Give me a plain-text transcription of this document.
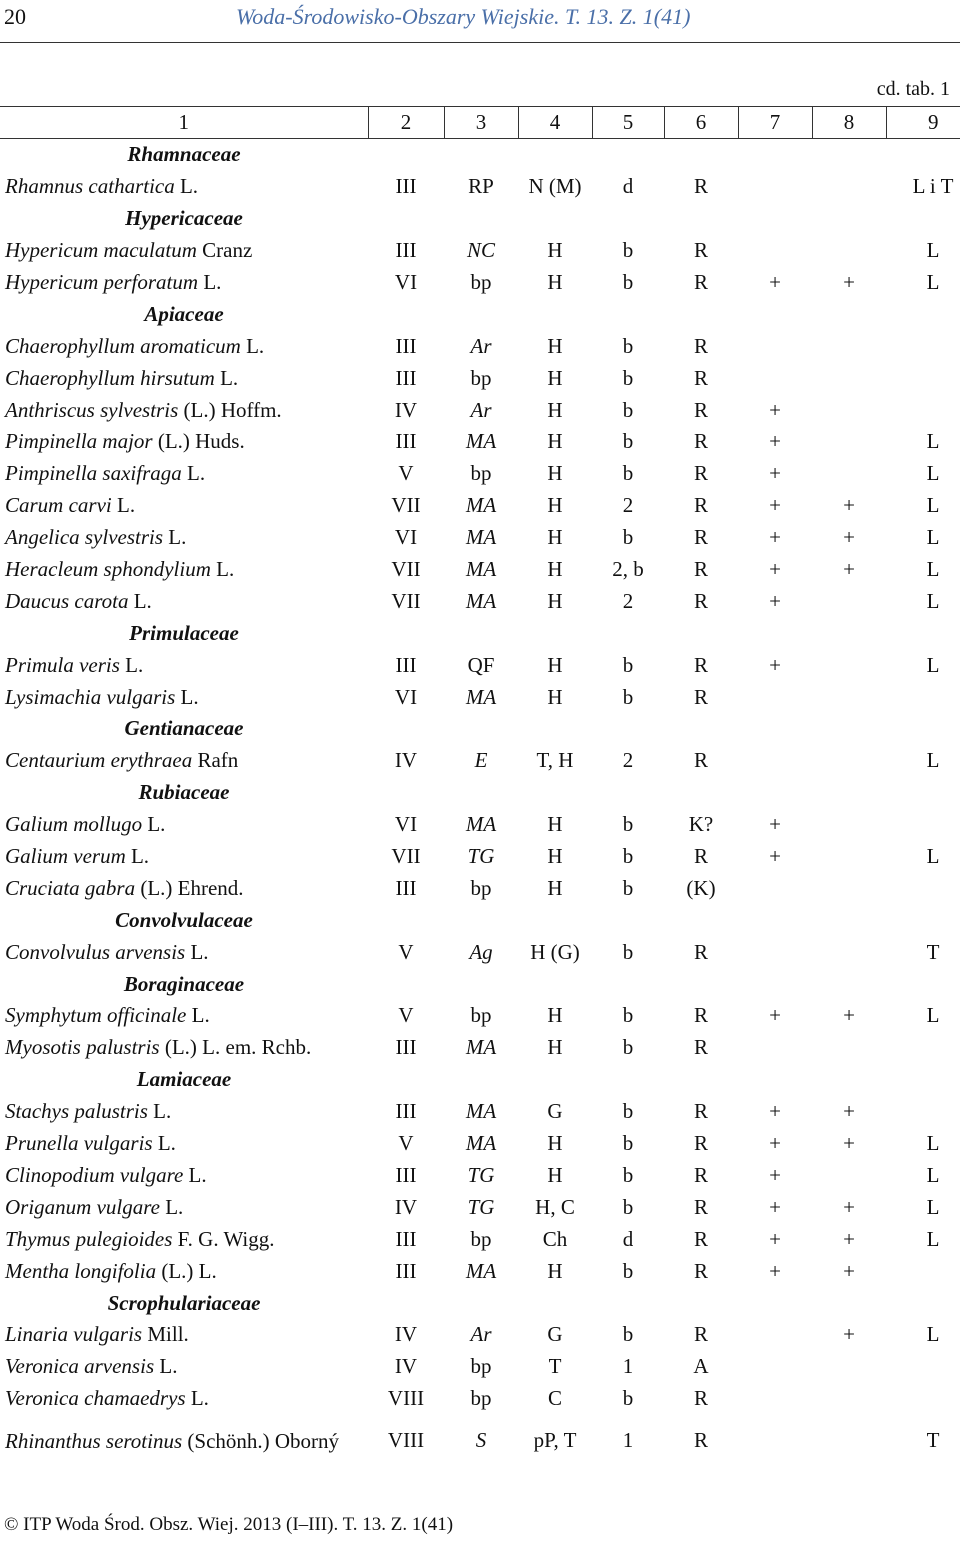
20	Woda-Środowisko-Obszary Wiejskie. T. 13. Z. 1(41)
cd. tab. 1
1	2	3	4	5	6	7	8	9
Rhamnaceae								
Rhamnus cathartica L.	III	RP	N (M)	d	R			L i T
Hypericaceae								
Hypericum maculatum Cranz	III	NC	H	b	R			L
Hypericum perforatum L.	VI	bp	H	b	R	+	+	L
Apiaceae								
Chaerophyllum aromaticum L.	III	Ar	H	b	R			
Chaerophyllum hirsutum L.	III	bp	H	b	R			
Anthriscus sylvestris (L.) Hoffm.	IV	Ar	H	b	R	+		
Pimpinella major (L.) Huds.	III	MA	H	b	R	+		L
Pimpinella saxifraga L.	V	bp	H	b	R	+		L
Carum carvi L.	VII	MA	H	2	R	+	+	L
Angelica sylvestris L.	VI	MA	H	b	R	+	+	L
Heracleum sphondylium L.	VII	MA	H	2, b	R	+	+	L
Daucus carota L.	VII	MA	H	2	R	+		L
Primulaceae								
Primula veris L.	III	QF	H	b	R	+		L
Lysimachia vulgaris L.	VI	MA	H	b	R			
Gentianaceae								
Centaurium erythraea Rafn	IV	E	T, H	2	R			L
Rubiaceae								
Galium mollugo L.	VI	MA	H	b	K?	+		
Galium verum L.	VII	TG	H	b	R	+		L
Cruciata gabra (L.) Ehrend.	III	bp	H	b	(K)			
Convolvulaceae								
Convolvulus arvensis L.	V	Ag	H (G)	b	R			T
Boraginaceae								
Symphytum officinale L.	V	bp	H	b	R	+	+	L
Myosotis palustris (L.) L. em. Rchb.	III	MA	H	b	R			
Lamiaceae								
Stachys palustris L.	III	MA	G	b	R	+	+	
Prunella vulgaris L.	V	MA	H	b	R	+	+	L
Clinopodium vulgare L.	III	TG	H	b	R	+		L
Origanum vulgare L.	IV	TG	H, C	b	R	+	+	L
Thymus pulegioides F. G. Wigg.	III	bp	Ch	d	R	+	+	L
Mentha longifolia (L.) L.	III	MA	H	b	R	+	+	
Scrophulariaceae								
Linaria vulgaris Mill.	IV	Ar	G	b	R		+	L
Veronica arvensis L.	IV	bp	T	1	A			
Veronica chamaedrys L.	VIII	bp	C	b	R			
Rhinanthus serotinus (Schönh.) Oborný	VIII	S	pP, T	1	R			T
© ITP Woda Środ. Obsz. Wiej. 2013 (I–III). T. 13. Z. 1(41)
